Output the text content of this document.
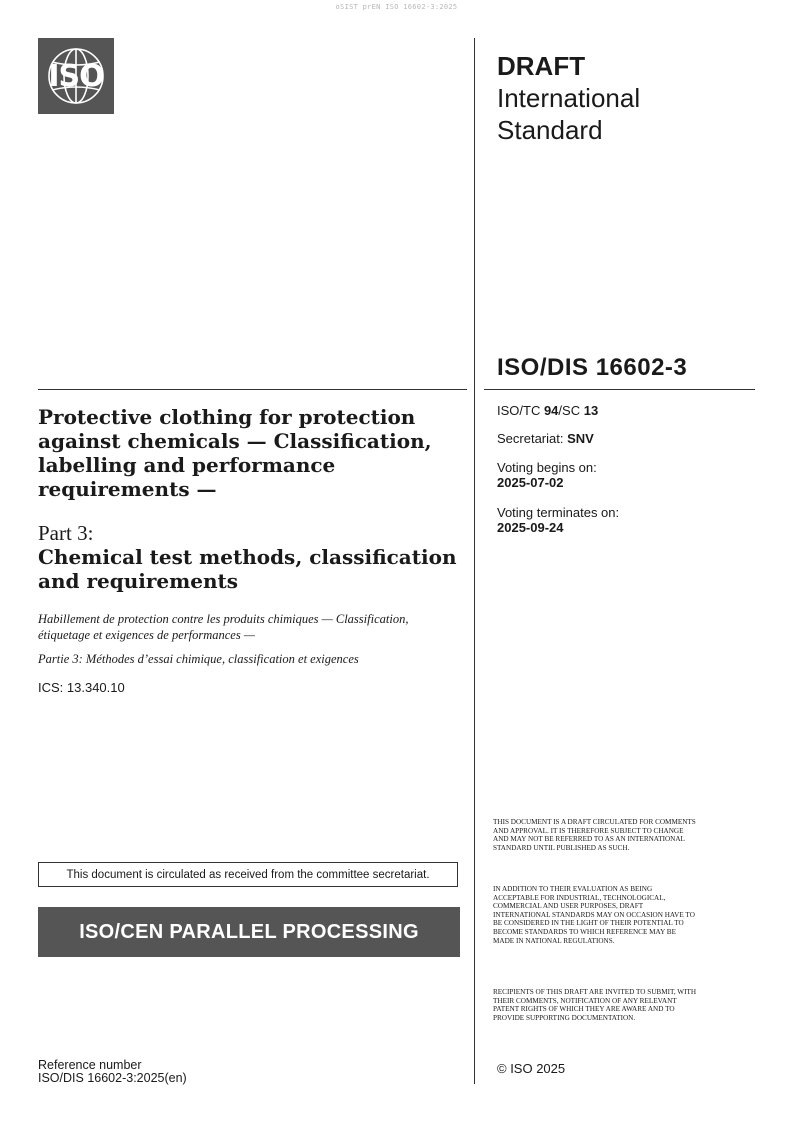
oSIST prEN ISO 16602-3:2025
ISO	DRAFT
International
Standard
ISO/DIS 16602-3
Protective clothing for protection against chemicals — Classification, labelling and performance requirements —
Part 3:
Chemical test methods, classification and requirements
Habillement de protection contre les produits chimiques — Classification, étiquetage et exigences de performances —
Partie 3: Méthodes d’essai chimique, classification et exigences
ICS: 13.340.10
ISO/TC 94/SC 13
Secretariat: SNV
Voting begins on:
2025-07-02
Voting terminates on:
2025-09-24
This document is circulated as received from the committee secretariat.
ISO/CEN PARALLEL PROCESSING
THIS DOCUMENT IS A DRAFT CIRCULATED FOR COMMENTS AND APPROVAL. IT IS THEREFORE SUBJECT TO CHANGE AND MAY NOT BE REFERRED TO AS AN INTERNATIONAL STANDARD UNTIL PUBLISHED AS SUCH.
IN ADDITION TO THEIR EVALUATION AS BEING ACCEPTABLE FOR INDUSTRIAL, TECHNOLOGICAL, COMMERCIAL AND USER PURPOSES, DRAFT INTERNATIONAL STANDARDS MAY ON OCCASION HAVE TO BE CONSIDERED IN THE LIGHT OF THEIR POTENTIAL TO BECOME STANDARDS TO WHICH REFERENCE MAY BE MADE IN NATIONAL REGULATIONS.
RECIPIENTS OF THIS DRAFT ARE INVITED TO SUBMIT, WITH THEIR COMMENTS, NOTIFICATION OF ANY RELEVANT PATENT RIGHTS OF WHICH THEY ARE AWARE AND TO PROVIDE SUPPORTING DOCUMENTATION.
Reference number
ISO/DIS 16602-3:2025(en)
© ISO 2025
